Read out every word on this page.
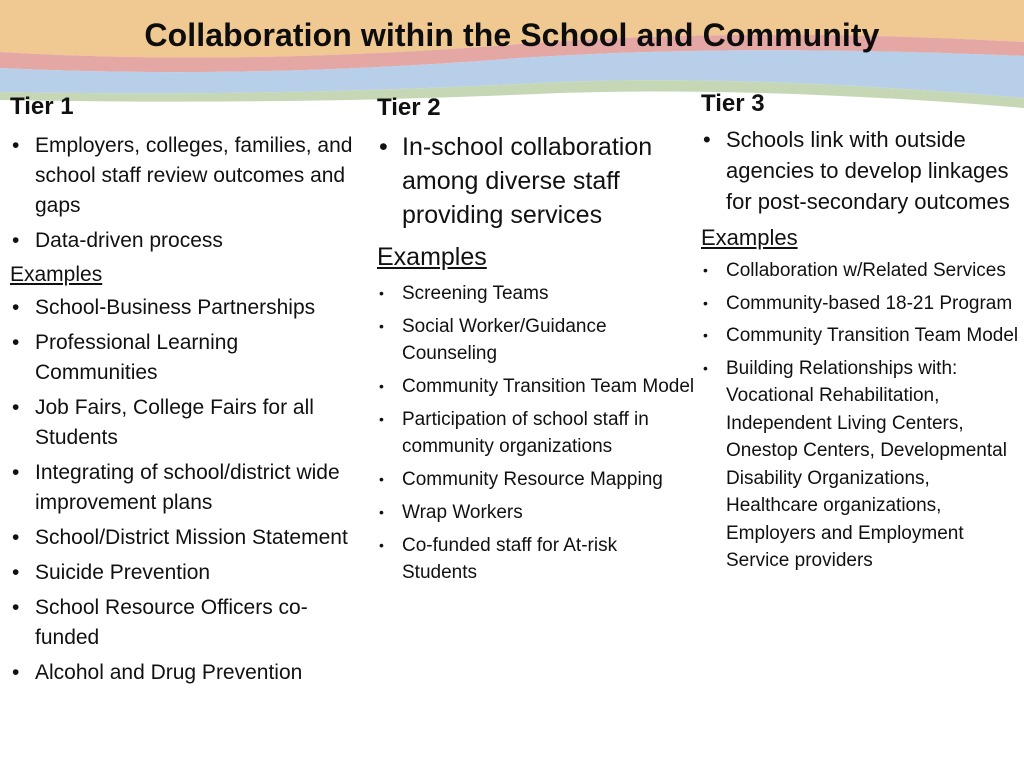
Collaboration within the School and Community

Tier 1

• Employers, colleges, families, and school staff review outcomes and gaps
• Data-driven process

Examples

• School-Business Partnerships
• Professional Learning Communities
• Job Fairs, College Fairs for all Students
• Integrating of school/district wide improvement plans
• School/District Mission Statement
• Suicide Prevention
• School Resource Officers co-funded
• Alcohol and Drug Prevention

Tier 2

• In-school collaboration among diverse staff providing services

Examples

• Screening Teams
• Social Worker/Guidance Counseling
• Community Transition Team Model
• Participation of school staff in community organizations
• Community Resource Mapping
• Wrap Workers
• Co-funded staff for At-risk Students

Tier 3

• Schools link with outside agencies to develop linkages for post-secondary outcomes

Examples

• Collaboration w/Related Services
• Community-based 18-21 Program
• Community Transition Team Model
• Building Relationships with: Vocational Rehabilitation, Independent Living Centers, Onestop Centers, Developmental Disability Organizations, Healthcare organizations, Employers and Employment Service providers
